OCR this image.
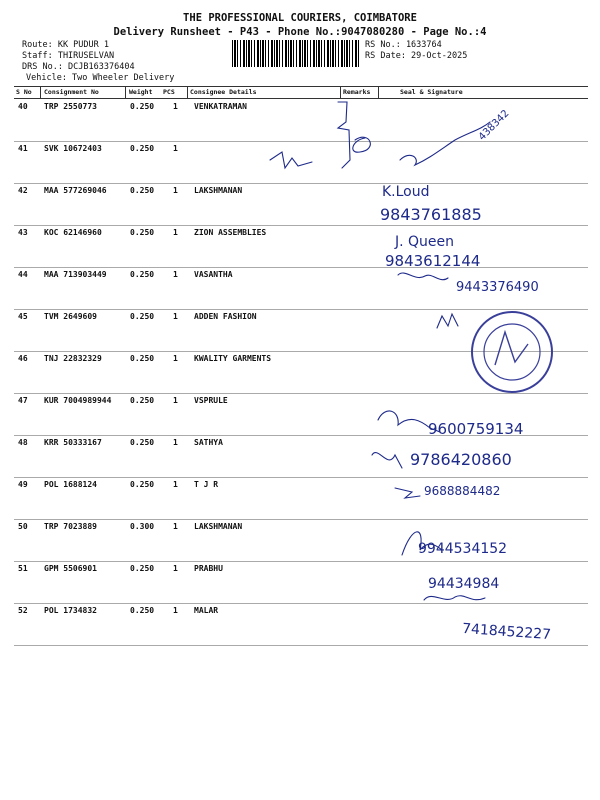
THE PROFESSIONAL COURIERS, COIMBATORE
Delivery Runsheet - P43 - Phone No.:9047080280 - Page No.:4
Route: KK PUDUR 1
Staff: THIRUSELVAN
DRS No.: DCJB163376404
Vehicle: Two Wheeler Delivery
RS No.: 1633764
RS Date: 29-Oct-2025
S No Consignment No	Weight PCS Consignee Details	Remarks	Seal & Signature
40 TRP 2550773	0.250 1 VENKATRAMAN
41 SVK 10672403	0.250 1
42 MAA 577269046	0.250 1 LAKSHMANAN
43 KOC 62146960	0.250 1 ZION ASSEMBLIES
44 MAA 713903449	0.250 1 VASANTHA
45 TVM 2649609	0.250 1 ADDEN FASHION
46 TNJ 22832329	0.250 1 KWALITY GARMENTS
47 KUR 7004989944 0.250 1 VSPRULE
48 KRR 50333167	0.250 1 SATHYA
49 POL 1688124	0.250 1 T J R
50 TRP 7023889	0.300 1 LAKSHMANAN
51 GPM 5506901	0.250 1 PRABHU
52 POL 1734832	0.250 1 MALAR
438342
K.Loud
9843761885
J. Queen
9843612144
9443376490
9600759134
9786420860
9688884482
9944534152
94434984
7418452227
